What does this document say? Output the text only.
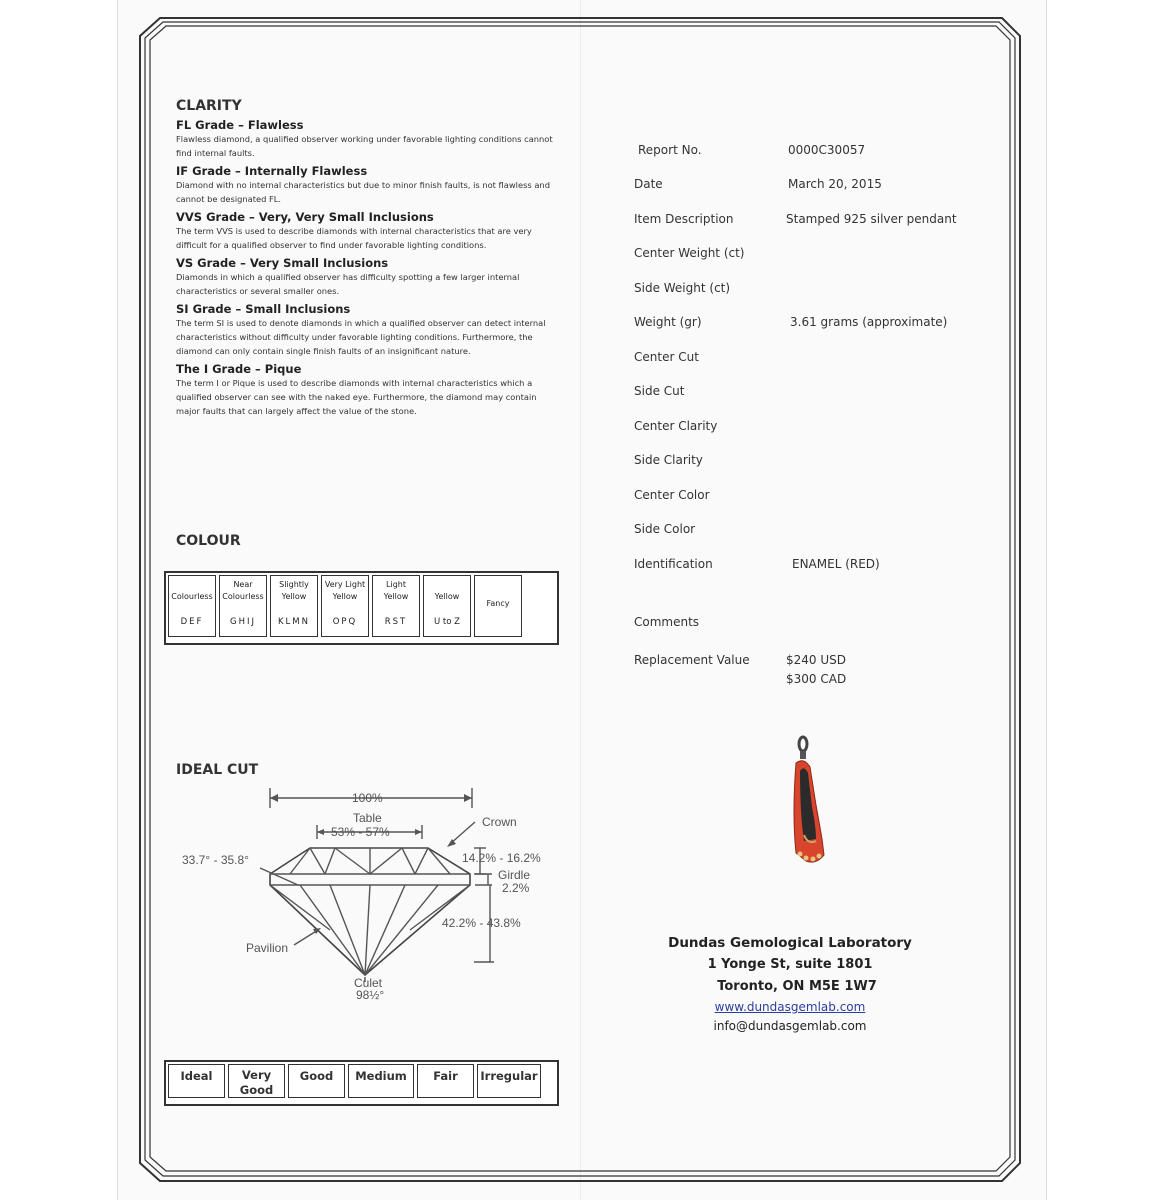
CLARITY
FL Grade – Flawless
Flawless diamond, a qualified observer working under favorable lighting conditions cannot find internal faults.
IF Grade – Internally Flawless
Diamond with no internal characteristics but due to minor finish faults, is not flawless and cannot be designated FL.
VVS Grade – Very, Very Small Inclusions
The term VVS is used to describe diamonds with internal characteristics that are very difficult for a qualified observer to find under favorable lighting conditions.
VS Grade – Very Small Inclusions
Diamonds in which a qualified observer has difficulty spotting a few larger internal characteristics or several smaller ones.
SI Grade – Small Inclusions
The term SI is used to denote diamonds in which a qualified observer can detect internal characteristics without difficulty under favorable lighting conditions. Furthermore, the diamond can only contain single finish faults of an insignificant nature.
The I Grade – Pique
The term I or Pique is used to describe diamonds with internal characteristics which a qualified observer can see with the naked eye. Furthermore, the diamond may contain major faults that can largely affect the value of the stone.
COLOUR
Colourless
DEF
Near Colourless
GHIJ
Slightly Yellow
KLMN
Very Light Yellow
OPQ
Light Yellow
RST
Yellow
U to Z
Fancy
IDEAL CUT
100%
Table
53% - 57%
Crown
33.7° - 35.8°	14.2% - 16.2%
Girdle
2.2%
42.2% - 43.8%
Pavilion
Culet
98½°
Ideal	Very Good
Good	Medium	Fair	Irregular
Report No.	0000C30057
Date	March 20, 2015
Item Description	Stamped 925 silver pendant
Center Weight (ct)
Side Weight (ct)
Weight (gr)	3.61 grams (approximate)
Center Cut
Side Cut
Center Clarity
Side Clarity
Center Color
Side Color
Identification	ENAMEL (RED)
Comments
Replacement Value	$240 USD
$300 CAD
Dundas Gemological Laboratory
1 Yonge St, suite 1801
Toronto, ON M5E 1W7
www.dundasgemlab.com
info@dundasgemlab.com
